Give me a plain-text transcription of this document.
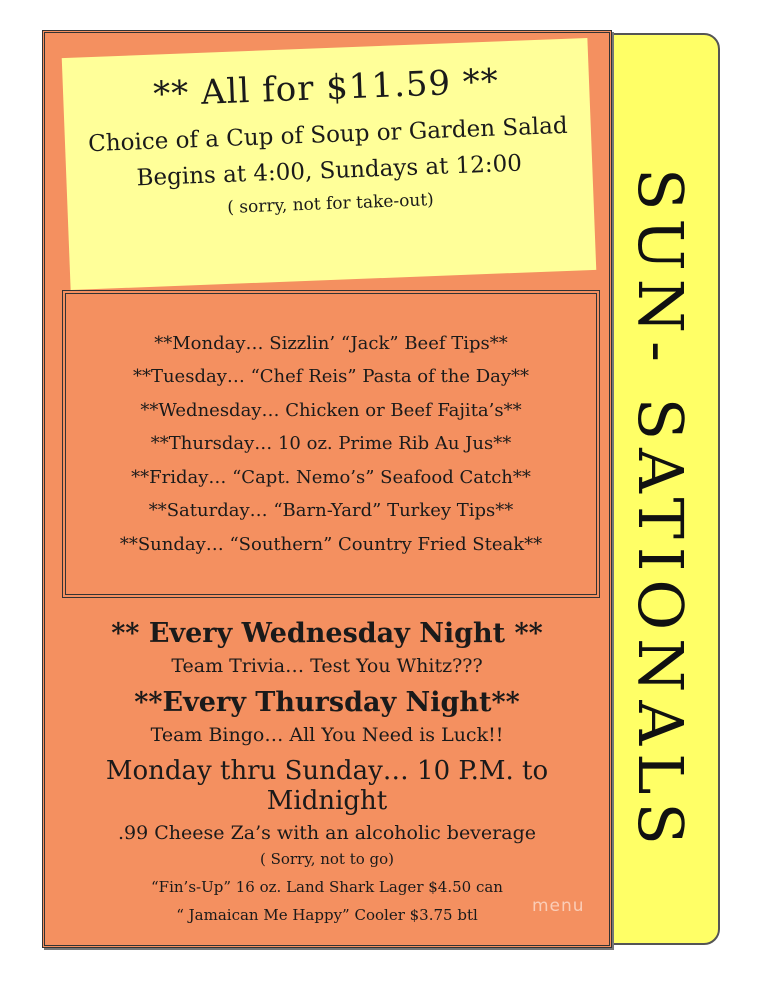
SUN- SATIONALS

** All for $11.59 **

Choice of a Cup of Soup or Garden Salad

Begins at 4:00, Sundays at 12:00

( sorry, not for take-out)

**Monday… Sizzlin’ “Jack” Beef Tips**
**Tuesday… “Chef Reis” Pasta of the Day**
**Wednesday… Chicken or Beef Fajita’s**
**Thursday… 10 oz. Prime Rib Au Jus**
**Friday… “Capt. Nemo’s” Seafood Catch**
**Saturday… “Barn-Yard” Turkey Tips**
**Sunday… “Southern” Country Fried Steak**

** Every Wednesday Night **

Team Trivia… Test You Whitz???

**Every Thursday Night**

Team Bingo… All You Need is Luck!!

Monday thru Sunday… 10 P.M. to Midnight

.99 Cheese Za’s with an alcoholic beverage

( Sorry, not to go)

“Fin’s-Up” 16 oz. Land Shark Lager $4.50 can

“ Jamaican Me Happy” Cooler $3.75 btl	menu
